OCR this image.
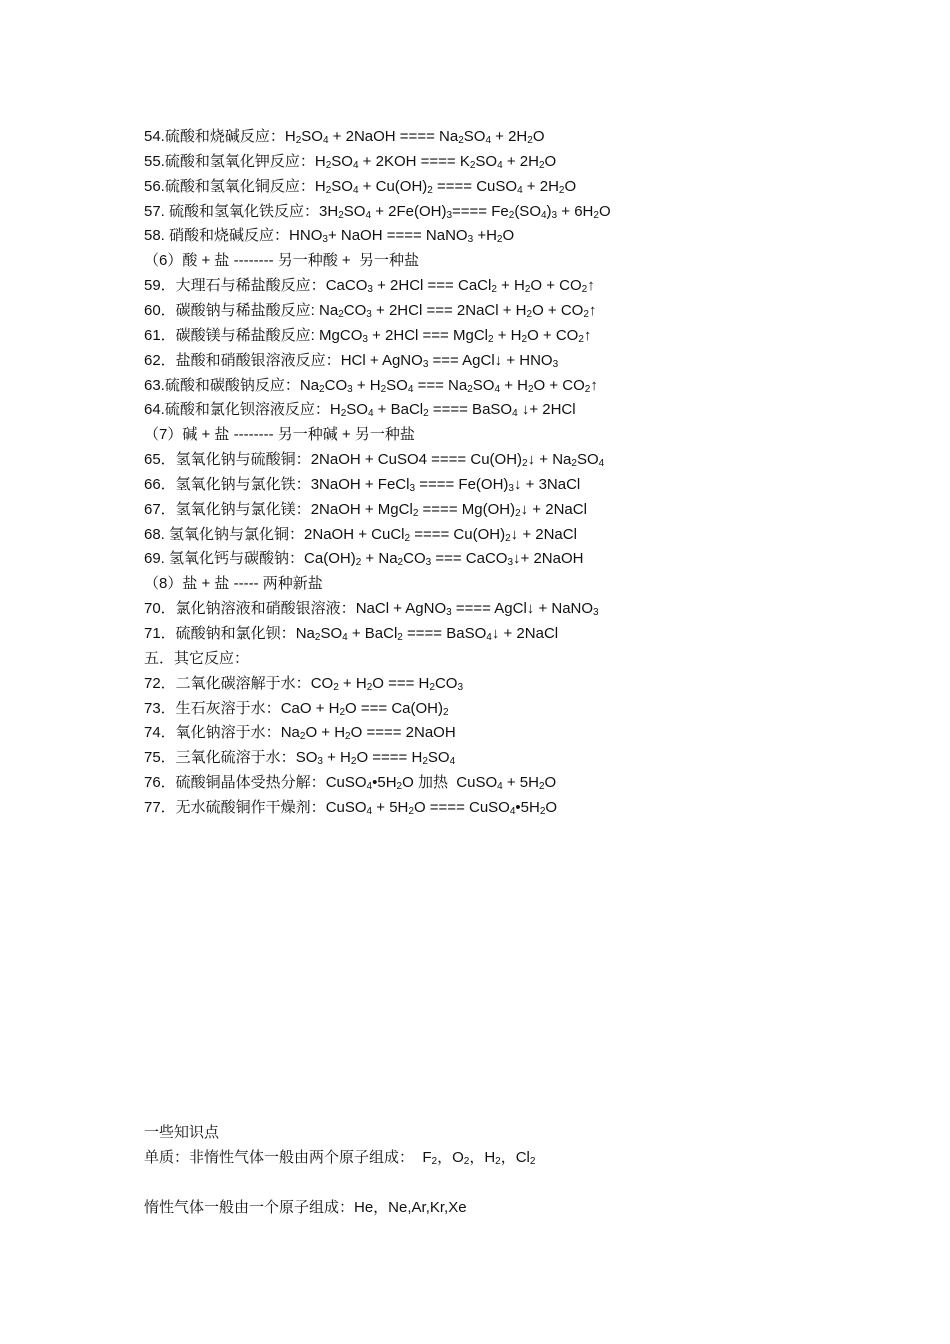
54.硫酸和烧碱反应：$H_2SO_4$ + 2NaOH ==== $Na_2SO_4 + 2H_2O$
55.硫酸和氢氧化钾反应：$H_2SO_4 + 2KOH$ ==== $K_2SO_4 + 2H_2O$
56.硫酸和氢氧化铜反应：$H_2SO_4 + Cu(OH)_2$ ==== CuSO$_4$ + $2H_2O$
57. 硫酸和氢氧化铁反应：$3H_2SO_4 + 2Fe(OH)_3==== Fe_2(SO_4)_3 + 6H_2O$
58. 硝酸和烧碱反应：$HNO_3+$ NaOH ==== NaNO$_3$ $+H_2O$
（6）酸 + 盐 -------- 另一种酸 +  另一种盐
59．大理石与稀盐酸反应：CaCO$_3$ + 2HCl === CaCl$_2$ + $H_2O$ + $CO_2↑$
60．碳酸钠与稀盐酸反应: $Na_2CO_3 + 2HCl$ === 2NaCl + $H_2O$ + $CO_2↑$
61．碳酸镁与稀盐酸反应: MgCO$_3$ + 2HCl === MgCl$_2$ + $H_2O$ + $CO_2↑$
62．盐酸和硝酸银溶液反应：HCl + AgNO$_3$ === AgCl↓ + $HNO_3$
63.硫酸和碳酸钠反应：$Na_2CO_3 + H_2SO_4$ === $Na_2SO_4 + H_2O$ + $CO_2↑$
64.硫酸和氯化钡溶液反应：$H_2SO_4$ + BaCl$_2$ ==== BaSO$_4$ ↓+ 2HCl
（7）碱 + 盐 -------- 另一种碱 + 另一种盐
65．氢氧化钠与硫酸铜：2NaOH + CuSO4 ==== $Cu(OH)_2↓ + Na_2SO_4$
66．氢氧化钠与氯化铁：3NaOH + FeCl$_3$ ==== $Fe(OH)_3↓$ + 3NaCl
67．氢氧化钠与氯化镁：2NaOH + MgCl$_2$ ==== $Mg(OH)_2↓$ + 2NaCl
68. 氢氧化钠与氯化铜：2NaOH + CuCl$_2$ ==== $Cu(OH)_2↓$ + 2NaCl
69. 氢氧化钙与碳酸钠：$Ca(OH)_2 + Na_2CO_3$ === CaCO$_3$↓+ 2NaOH
（8）盐 + 盐 ----- 两种新盐
70．氯化钠溶液和硝酸银溶液：NaCl + AgNO$_3$ ==== AgCl↓ + NaNO$_3$
71．硫酸钠和氯化钡：$Na_2SO_4$ + BaCl$_2$ ==== BaSO$_4$↓ + 2NaCl
五．其它反应：
72．二氧化碳溶解于水：$CO_2 + H_2O$ === $H_2CO_3$
73．生石灰溶于水：CaO + $H_2O$ === $Ca(OH)_2$
74．氧化钠溶于水：$Na_2O + H_2O$ ==== 2NaOH
75．三氧化硫溶于水：$SO_3 + H_2O$ ==== $H_2SO_4$
76．硫酸铜晶体受热分解：$CuSO_4•5H_2O$ 加热  CuSO$_4$ + $5H_2O$
77．无水硫酸铜作干燥剂：CuSO$_4$ + $5H_2O$ ==== $CuSO_4•5H_2O$
一些知识点
单质：非惰性气体一般由两个原子组成：  $F_2$，$O_2$，$H_2$，$Cl_2$
惰性气体一般由一个原子组成：He，Ne,Ar,Kr,Xe
